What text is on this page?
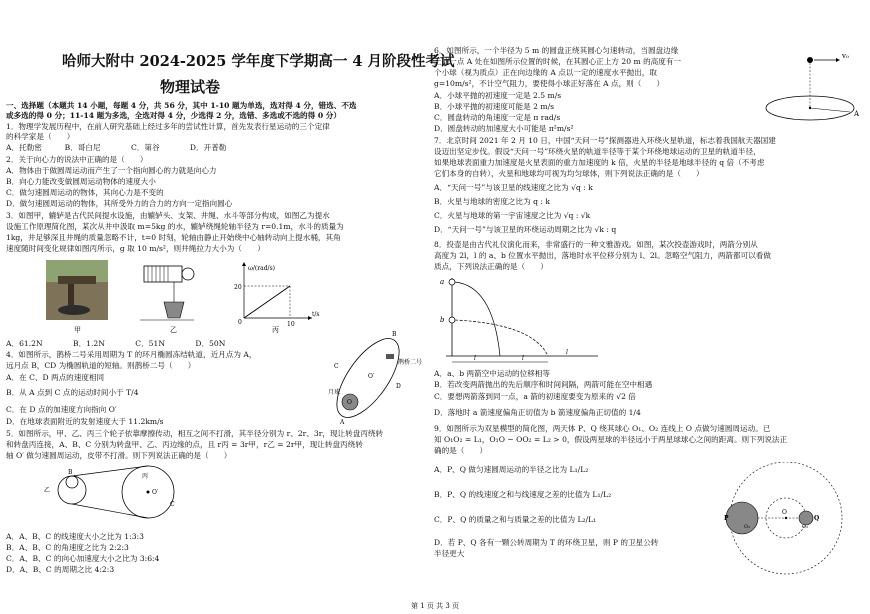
哈师大附中 2024-2025 学年度下学期高一 4 月阶段性考试
物理试卷
一、选择题（本题共 14 小题，每题 4 分，共 56 分，其中 1-10 题为单选，选对得 4 分，错选、不选
或多选的得 0 分；11-14 题为多选，全选对得 4 分，少选得 2 分，选错、多选或不选的得 0 分）
1．物理学发展历程中，在前人研究基础上经过多年的尝试性计算，首先发表行星运动的三个定律
的科学家是（　　）
A．托勒密　　　B．哥白尼　　　　C．第谷　　　　D．开普勒
2．关于向心力的说法中正确的是（　　）
A．物体由于做圆周运动而产生了一个指向圆心的力就是向心力
B．向心力能改变做圆周运动物体的速度大小
C．做匀速圆周运动的物体，其向心力是不变的
D．做匀速圆周运动的物体，其所受外力的合力的方向一定指向圆心
3．如图甲，辘轳是古代民间提水设施，由辘轳头、支架、井绳、水斗等部分构成，如图乙为提水
设施工作原理简化图，某次从井中汲取 m=5kg 的水，辘轳绕绳轮轴半径为 r=0.1m，水斗的质量为
1kg，井足够深且井绳的质量忽略不计，t=0 时刻，轮轴由静止开始绕中心轴转动向上提水桶，其角
速度随时间变化规律如图丙所示，g 取 10 m/s²，则井绳拉力大小为（　　）
ω/(rad/s)
t/s
20
10
0
甲	乙	丙
A．61.2N　　　　B．1.2N　　　　C．51N　　　　D．50N
4．如图所示，鹊桥二号采用周期为 T 的环月椭圆冻结轨道，近月点为 A，
远月点 B，CD 为椭圆轨道的短轴。则鹊桥二号（　　）
A．在 C、D 两点的速度相同
B．从 A 点到 C 点的运动时间小于 T/4
C．在 D 点的加速度方向指向 O′
D．在地球表面附近的发射速度大于 11.2km/s
O
O′
B
A
C
D
月球
鹊桥二号
5．如图所示，甲、乙、丙三个轮子依靠摩擦传动，相互之间不打滑，其半径分别为 r、2r、3r，现让转盘丙绕转
和转盘丙连接，A、B、C 分别为转盘甲、乙、丙边缘的点，且 r丙 = 3r甲，r乙 = 2r甲，现让转盘丙绕转
轴 O′ 做匀速圆周运动，皮带不打滑。则下列说法正确的是（　　）
O′
丙
乙
B
C
A．A、B、C 的线速度大小之比为 1:3:3
B．A、B、C 的角速度之比为 2:2:3
C．A、B、C 的向心加速度大小之比为 3:6:4
D．A、B、C 的周期之比 4:2:3
6．如图所示，一个半径为 5 m 的圆盘正绕其圆心匀速转动，当圆盘边缘
上的一点 A 处在如图所示位置的时候，在其圆心正上方 20 m 的高度有一
个小球（视为质点）正在向边缘的 A 点以一定的速度水平抛出，取
g=10m/s²，不计空气阻力，要使得小球正好落在 A 点，则（　　）
A．小球平抛的初速度一定是 2.5 m/s
B．小球平抛的初速度可能是 2 m/s
C．圆盘转动的角速度一定是 π rad/s
D．圆盘转动的加速度大小可能是 π²m/s²
v₀
A
7．北京时间 2021 年 2 月 10 日，中国“天问一号”探测器进入环绕火星轨道，标志着我国航天器国建
设迈出坚定步伐。假设“天问一号”环绕火星的轨道半径等于某个环绕地球运动的卫星的轨道半径，
如果地球表面重力加速度是火星表面的重力加速度的 k 倍，火星的半径是地球半径的 q 倍（不考虑
它们本身的自转），火星和地球均可视为均匀球体，则下列说法正确的是（　　）
A．“天问一号”与该卫星的线速度之比为 √q : k
B．火星与地球的密度之比为 q : k
C．火星与地球的第一宇宙速度之比为 √q : √k
D．“天问一号”与该卫星的环绕运动周期之比为 √k : q
8．投壶是由古代礼仪演化而来，非常盛行的一种文雅游戏。如图，某次投壶游戏时，两箭分别从
高度为 2l，l 的 a、b 位置水平抛出，落地时水平位移分别为 l、2l。忽略空气阻力，两箭都可以看做
质点，下列说法正确的是（　　）
a
b
l	l
l
A．a、b 两箭空中运动的位移相等
B．若改变两箭抛出的先后顺序和时间间隔，两箭可能在空中相遇
C．要想两箭落到同一点，a 箭的初速度要变为原来的 √2 倍
D．落地时 a 箭速度偏角正切值为 b 箭速度偏角正切值的 1/4
9．如图所示为双星模型的简化图，两天体 P、Q 绕其球心 O₁、O₂ 连线上 O 点做匀速圆周运动。已
知 O₁O₂ = L₁，O₁O − OO₂ = L₂ > 0，假设两星球的半径远小于两星球球心之间的距离。则下列说法正
确的是（　　）
A．P、Q 做匀速圆周运动的半径之比为 L₁/L₂
B．P、Q 的线速度之和与线速度之差的比值为 L₁/L₂
C．P、Q 的质量之和与质量之差的比值为 L₂/L₁
D．若 P、Q 各有一颗公转周期为 T 的环绕卫星，则 P 的卫星公转
半径更大
P	Q
O
O₁	O₂
第 1 页 共 3 页
